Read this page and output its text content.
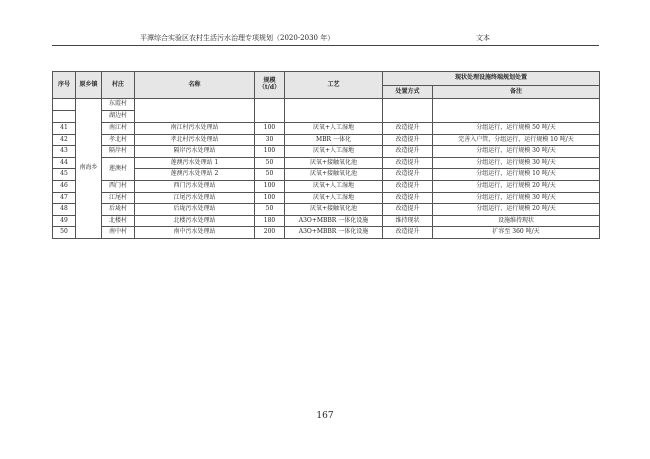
平潭综合实验区农村生活污水治理专项规划（2020-2030 年）	文本
序号	原乡镇	村庄	名称	规模（t/d）	工艺	现状处理设施终端规划处置	
						处置方式	备注
	南海乡	东霞村					
		湖边村					
41		南江村	南江村污水处理站	100	厌氧+人工湿地	改造提升	分组运行，运行规模 50 吨/天
42		孝北村	孝北村污水处理站	30	MBR 一体化	改造提升	完善入户管，分组运行，运行规模 10 吨/天
43		隔岸村	隔岸污水处理站	100	厌氧+人工湿地	改造提升	分组运行，运行规模 30 吨/天
44		莲澳村	莲澳污水处理站 1	50	厌氧+接触氧化池	改造提升	分组运行，运行规模 30 吨/天
45			莲澳污水处理站 2	50	厌氧+接触氧化池	改造提升	分组运行，运行规模 10 吨/天
46		西门村	西门污水处理站	100	厌氧+人工湿地	改造提升	分组运行，运行规模 20 吨/天
47		江尾村	江尾污水处理站	100	厌氧+人工湿地	改造提升	分组运行，运行规模 30 吨/天
48		后垅村	后垅污水处理站	50	厌氧+接触氧化池	改造提升	分组运行，运行规模 20 吨/天
49		北楼村	北楼污水处理站	180	A3O+MBBR 一体化设施	维持现状	设施维持现状
50		南中村	南中污水处理站	200	A3O+MBBR 一体化设施	改造提升	扩容至 360 吨/天
167
